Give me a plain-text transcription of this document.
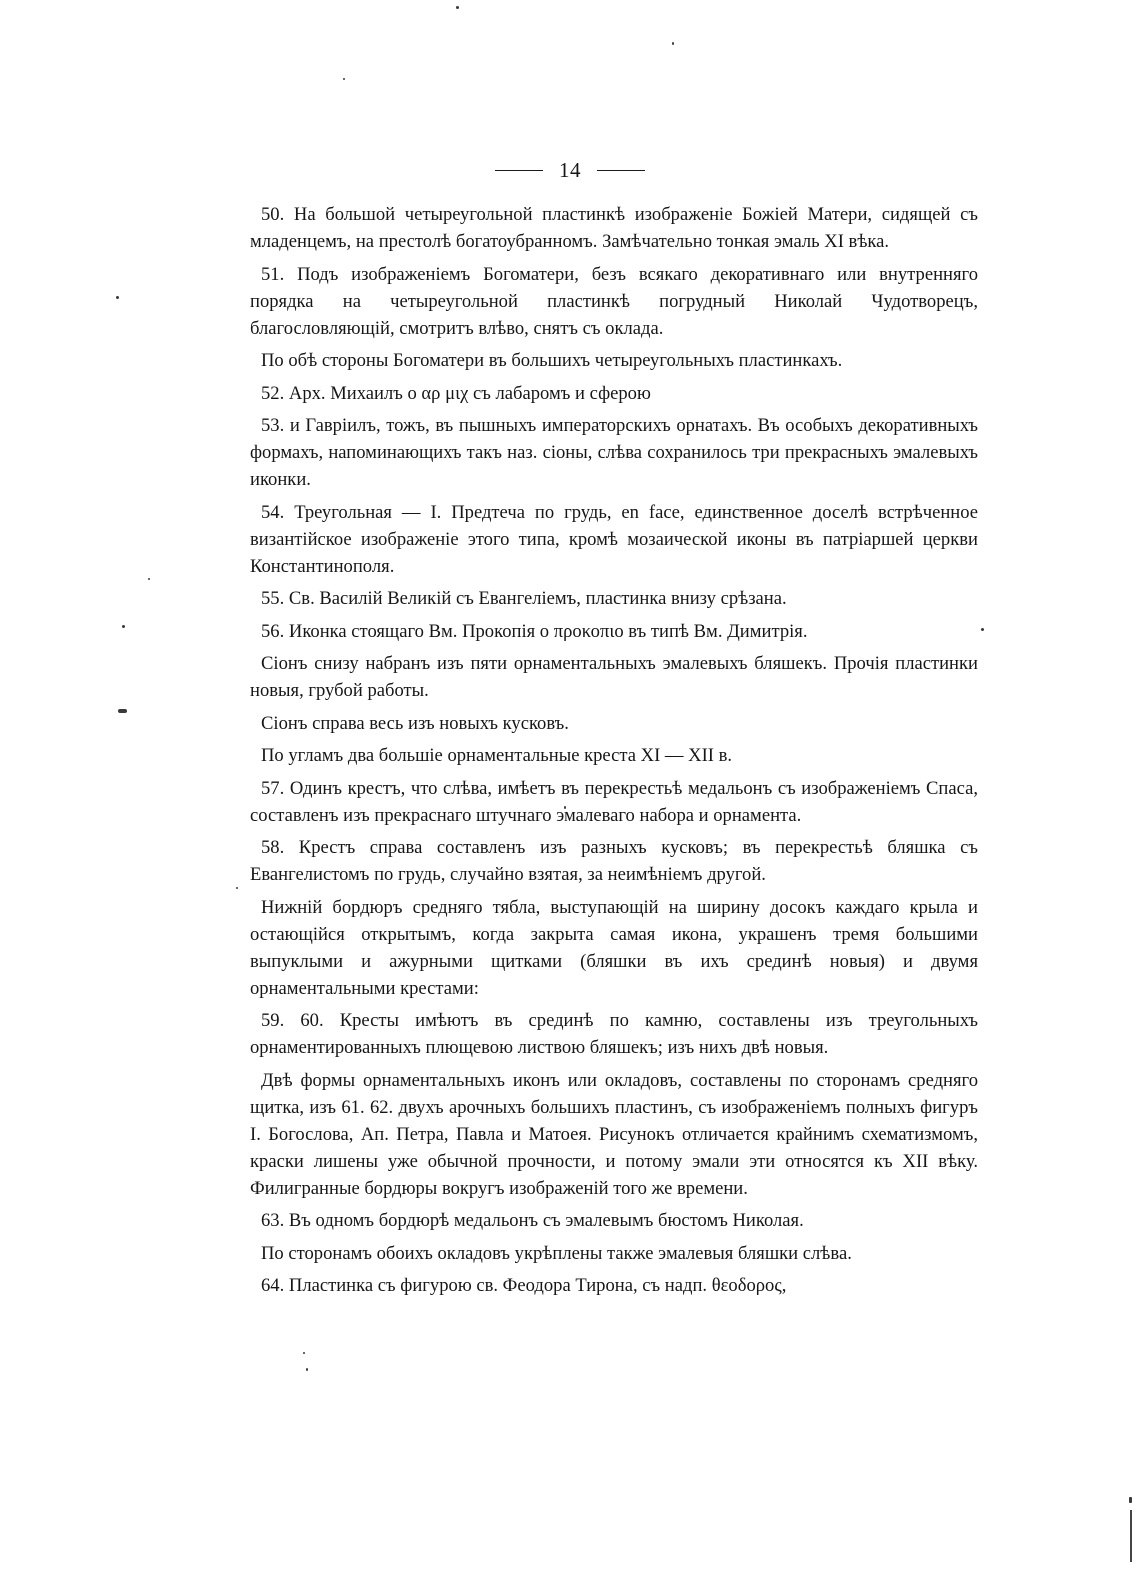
14

50. На большой четыреугольной пластинкѣ изображеніе Божіей Матери, сидящей съ младенцемъ, на престолѣ богатоубранномъ. Замѣчательно тонкая эмаль XI вѣка.

51. Подъ изображеніемъ Богоматери, безъ всякаго декоративнаго или внутренняго порядка на четыреугольной пластинкѣ погрудный Николай Чудотворецъ, благословляющій, смотритъ влѣво, снятъ съ оклада.

По обѣ стороны Богоматери въ большихъ четыреугольныхъ пластинкахъ.

52. Арх. Михаилъ ο αρ μιχ съ лабаромъ и сферою

53. и Гавріилъ, тожъ, въ пышныхъ императорскихъ орнатахъ. Въ особыхъ декоративныхъ формахъ, напоминающихъ такъ наз. сіоны, слѣва сохранилось три прекрасныхъ эмалевыхъ иконки.

54. Треугольная — I. Предтеча по грудь, en face, единственное доселѣ встрѣченное византійское изображеніе этого типа, кромѣ мозаической иконы въ патріаршей церкви Константинополя.

55. Св. Василій Великій съ Евангеліемъ, пластинка внизу срѣзана.

56. Иконка стоящаго Вм. Прокопія ο προκοπιο въ типѣ Вм. Димитрія.

Сіонъ снизу набранъ изъ пяти орнаментальныхъ эмалевыхъ бляшекъ. Прочія пластинки новыя, грубой работы.

Сіонъ справа весь изъ новыхъ кусковъ.

По угламъ два большіе орнаментальные креста XI — XII в.

57. Одинъ крестъ, что слѣва, имѣетъ въ перекрестьѣ медальонъ съ изображеніемъ Спаса, составленъ изъ прекраснаго штучнаго эмалеваго набора и орнамента.

58. Крестъ справа составленъ изъ разныхъ кусковъ; въ перекрестьѣ бляшка съ Евангелистомъ по грудь, случайно взятая, за неимѣніемъ другой.

Нижній бордюръ средняго тябла, выступающій на ширину досокъ каждаго крыла и остающійся открытымъ, когда закрыта самая икона, украшенъ тремя большими выпуклыми и ажурными щитками (бляшки въ ихъ срединѣ новыя) и двумя орнаментальными крестами:

59. 60. Кресты имѣютъ въ срединѣ по камню, составлены изъ треугольныхъ орнаментированныхъ плющевою листвою бляшекъ; изъ нихъ двѣ новыя.

Двѣ формы орнаментальныхъ иконъ или окладовъ, составлены по сторонамъ средняго щитка, изъ 61. 62. двухъ арочныхъ большихъ пластинъ, съ изображеніемъ полныхъ фигуръ I. Богослова, Ап. Петра, Павла и Матоея. Рисунокъ отличается крайнимъ схематизмомъ, краски лишены уже обычной прочности, и потому эмали эти относятся къ XII вѣку. Филигранные бордюры вокругъ изображеній того же времени.

63. Въ одномъ бордюрѣ медальонъ съ эмалевымъ бюстомъ Николая.

По сторонамъ обоихъ окладовъ укрѣплены также эмалевыя бляшки слѣва.

64. Пластинка съ фигурою св. Феодора Тирона, съ надп. θεοδορος,
